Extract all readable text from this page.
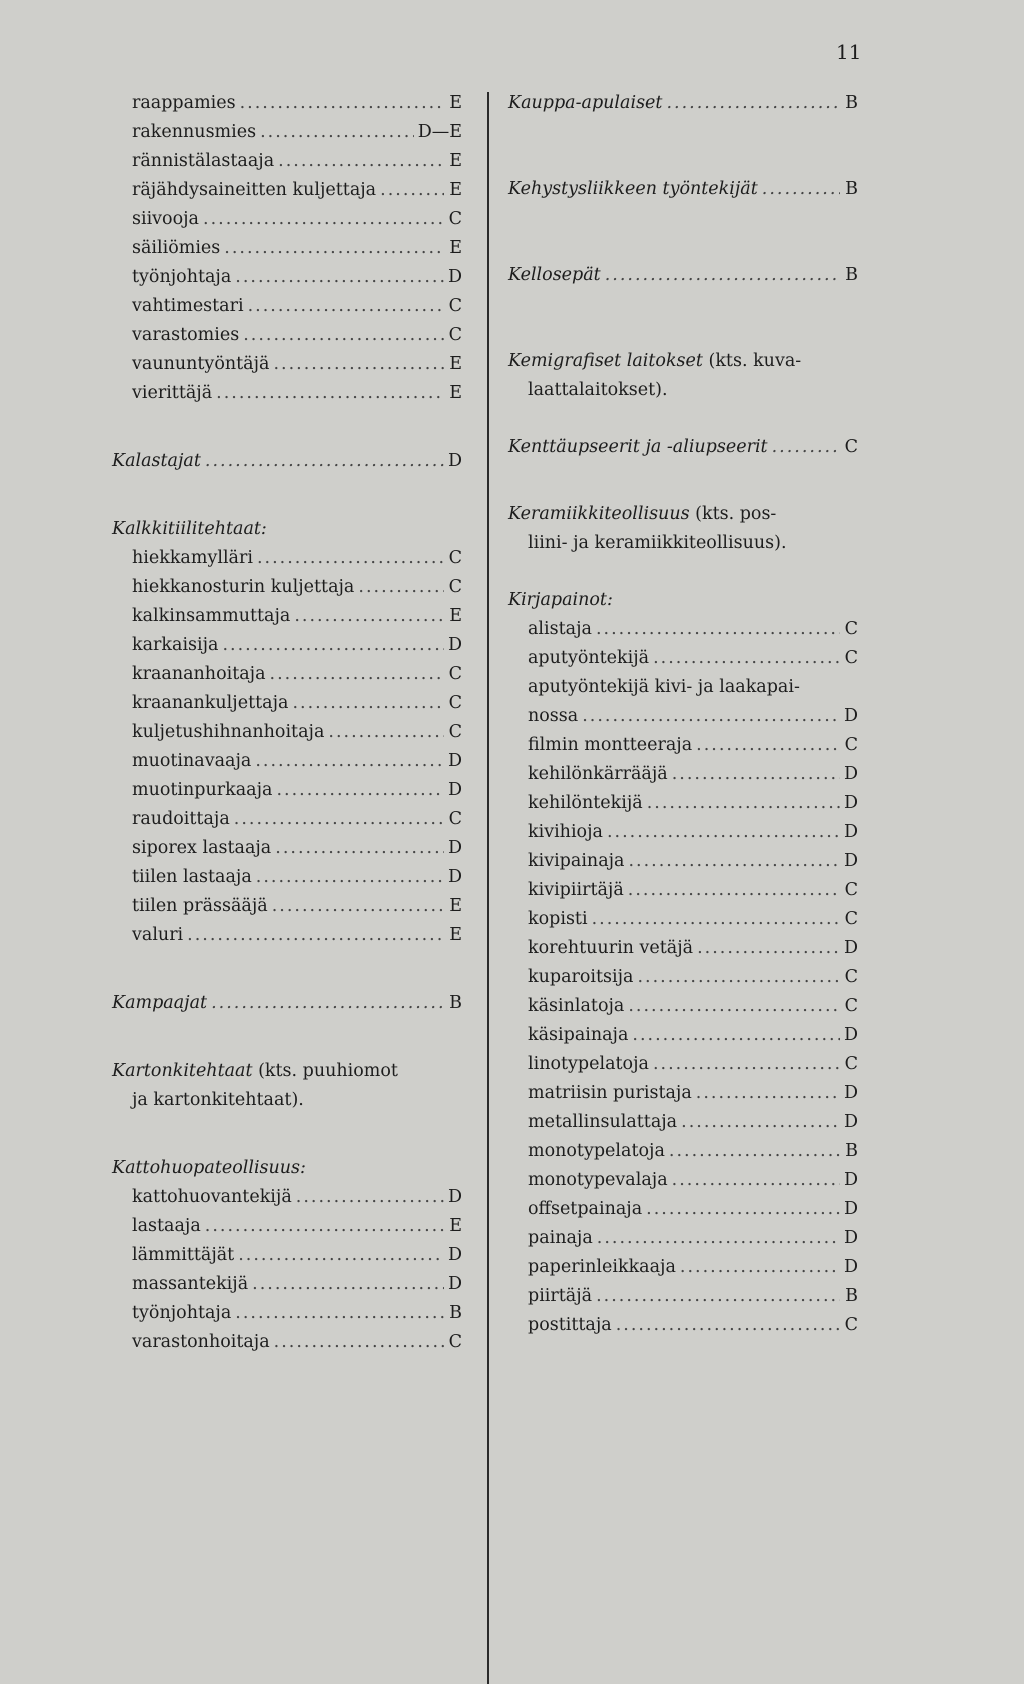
11
raappamies .....	E
rakennusmies .....	D—E
rännistälastaaja .....	E
räjähdysaineitten kuljettaja .....	E
siivooja .....	C
säiliömies .....	E
työnjohtaja .....	D
vahtimestari .....	C
varastomies .....	C
vaununtyöntäjä .....	E
vierittäjä .....	E
Kalastajat .....	D
Kalkkitiilitehtaat:
hiekkamylläri .....	C
hiekkanosturin kuljettaja .....	C
kalkinsammuttaja .....	E
karkaisija .....	D
kraananhoitaja .....	C
kraanankuljettaja .....	C
kuljetushihnanhoitaja .....	C
muotinavaaja .....	D
muotinpurkaaja .....	D
raudoittaja .....	C
siporex lastaaja .....	D
tiilen lastaaja .....	D
tiilen prässääjä .....	E
valuri .....	E
Kampaajat .....	B
Kartonkitehtaat (kts. puuhiomot
ja kartonkitehtaat).
Kattohuopateollisuus:
kattohuovantekijä .....	D
lastaaja .....	E
lämmittäjät .....	D
massantekijä .....	D
työnjohtaja .....	B
varastonhoitaja .....	C
Kauppa-apulaiset .....	B
Kehystysliikkeen työntekijät .....	B
Kellosepät .....	B
Kemigrafiset laitokset (kts. kuva-
laattalaitokset).
Kenttäupseerit ja -aliupseerit .....	C
Keramiikkiteollisuus (kts. pos-
liini- ja keramiikkiteollisuus).
Kirjapainot:
alistaja .....	C
aputyöntekijä .....	C
aputyöntekijä kivi- ja laakapai-
nossa .....	D
filmin montteeraja .....	C
kehilönkärrääjä .....	D
kehilöntekijä .....	D
kivihioja .....	D
kivipainaja .....	D
kivipiirtäjä .....	C
kopisti .....	C
korehtuurin vetäjä .....	D
kuparoitsija .....	C
käsinlatoja .....	C
käsipainaja .....	D
linotypelatoja .....	C
matriisin puristaja .....	D
metallinsulattaja .....	D
monotypelatoja .....	B
monotypevalaja .....	D
offsetpainaja .....	D
painaja .....	D
paperinleikkaaja .....	D
piirtäjä .....	B
postittaja .....	C
